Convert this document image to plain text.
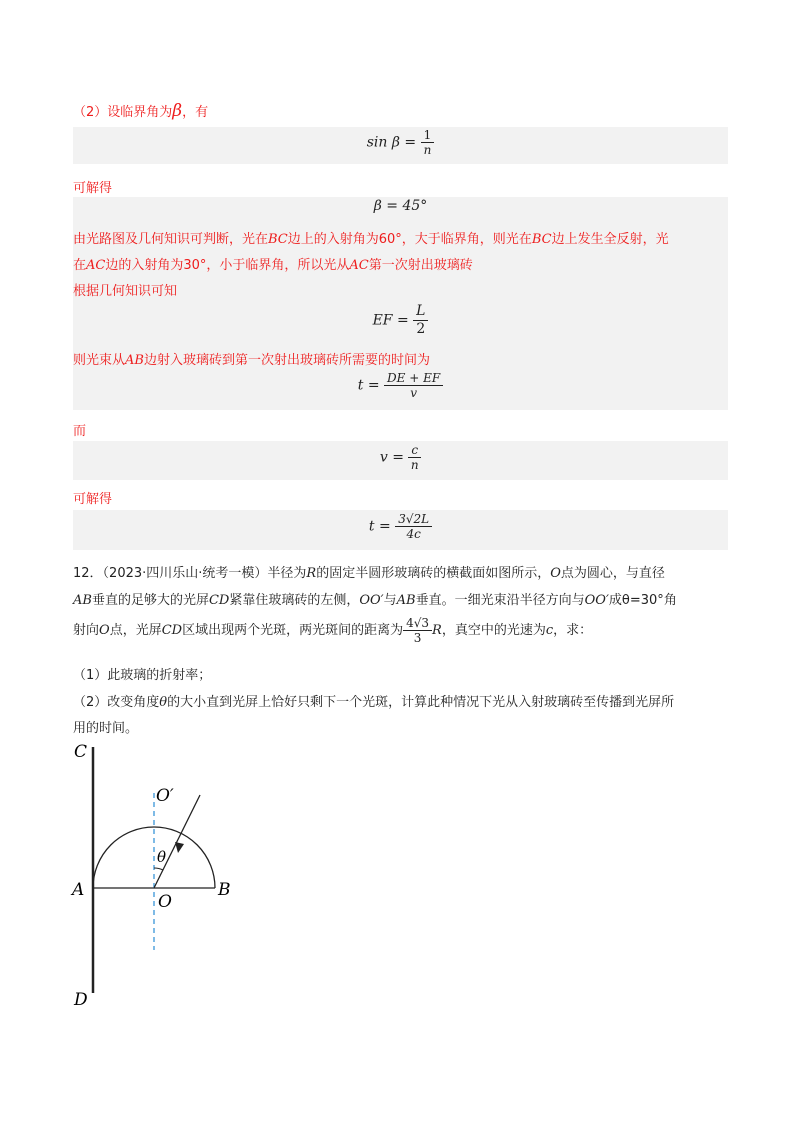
（2）设临界角为β，有
$\sin \beta = \frac{1}{n}$
可解得
β = 45°
由光路图及几何知识可判断，光在BC边上的入射角为60°，大于临界角，则光在BC边上发生全反射，光
在AC边的入射角为30°，小于临界角，所以光从AC第一次射出玻璃砖
根据几何知识可知
EF = $\frac{L}{2}$
则光束从AB边射入玻璃砖到第一次射出玻璃砖所需要的时间为
$t = \frac{DE + EF}{v}$
而
$v = \frac{c}{n}$
可解得
$t = \frac{3√2L}{4c}$
12．（2023·四川乐山·统考一模）半径为R的固定半圆形玻璃砖的横截面如图所示，O点为圆心，与直径
AB垂直的足够大的光屏CD紧靠住玻璃砖的左侧，OO′与AB垂直。一细光束沿半径方向与OO′成θ=30°角
射向O点，光屏CD区域出现两个光斑，两光斑间的距离为 $\frac{4√3}{3}$ R，真空中的光速为c，求：
（1）此玻璃的折射率；
（2）改变角度θ的大小直到光屏上恰好只剩下一个光斑，计算此种情况下光从入射玻璃砖至传播到光屏所
用的时间。
C
D
A	B
O
O′
θ
